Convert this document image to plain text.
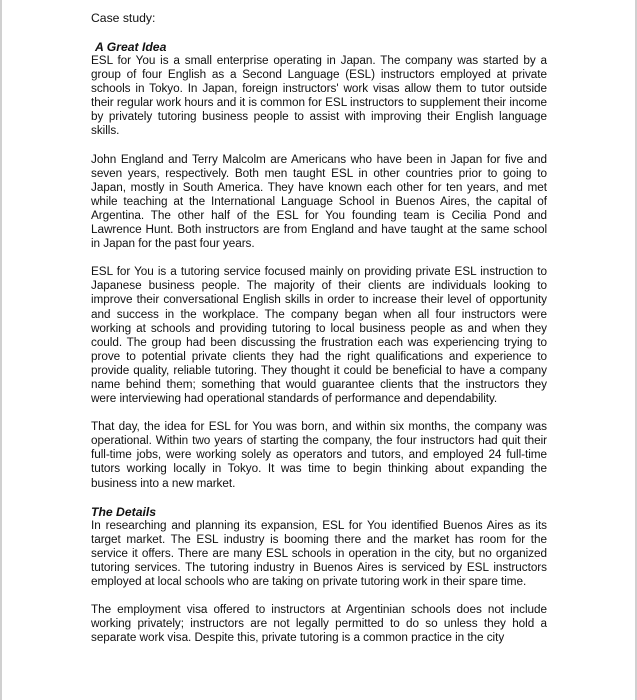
Case study:

A Great Idea

ESL for You is a small enterprise operating in Japan. The company was started by a group of four English as a Second Language (ESL) instructors employed at private schools in Tokyo. In Japan, foreign instructors' work visas allow them to tutor outside their regular work hours and it is common for ESL instructors to supplement their income by privately tutoring business people to assist with improving their English language skills.

John England and Terry Malcolm are Americans who have been in Japan for five and seven years, respectively. Both men taught ESL in other countries prior to going to Japan, mostly in South America. They have known each other for ten years, and met while teaching at the International Language School in Buenos Aires, the capital of Argentina. The other half of the ESL for You founding team is Cecilia Pond and Lawrence Hunt. Both instructors are from England and have taught at the same school in Japan for the past four years.

ESL for You is a tutoring service focused mainly on providing private ESL instruction to Japanese business people. The majority of their clients are individuals looking to improve their conversational English skills in order to increase their level of opportunity and success in the workplace. The company began when all four instructors were working at schools and providing tutoring to local business people as and when they could. The group had been discussing the frustration each was experiencing trying to prove to potential private clients they had the right qualifications and experience to provide quality, reliable tutoring. They thought it could be beneficial to have a company name behind them; something that would guarantee clients that the instructors they were interviewing had operational standards of performance and dependability.

That day, the idea for ESL for You was born, and within six months, the company was operational. Within two years of starting the company, the four instructors had quit their full-time jobs, were working solely as operators and tutors, and employed 24 full-time tutors working locally in Tokyo. It was time to begin thinking about expanding the business into a new market.

The Details

In researching and planning its expansion, ESL for You identified Buenos Aires as its target market. The ESL industry is booming there and the market has room for the service it offers. There are many ESL schools in operation in the city, but no organized tutoring services. The tutoring industry in Buenos Aires is serviced by ESL instructors employed at local schools who are taking on private tutoring work in their spare time.

The employment visa offered to instructors at Argentinian schools does not include working privately; instructors are not legally permitted to do so unless they hold a separate work visa. Despite this, private tutoring is a common practice in the city
